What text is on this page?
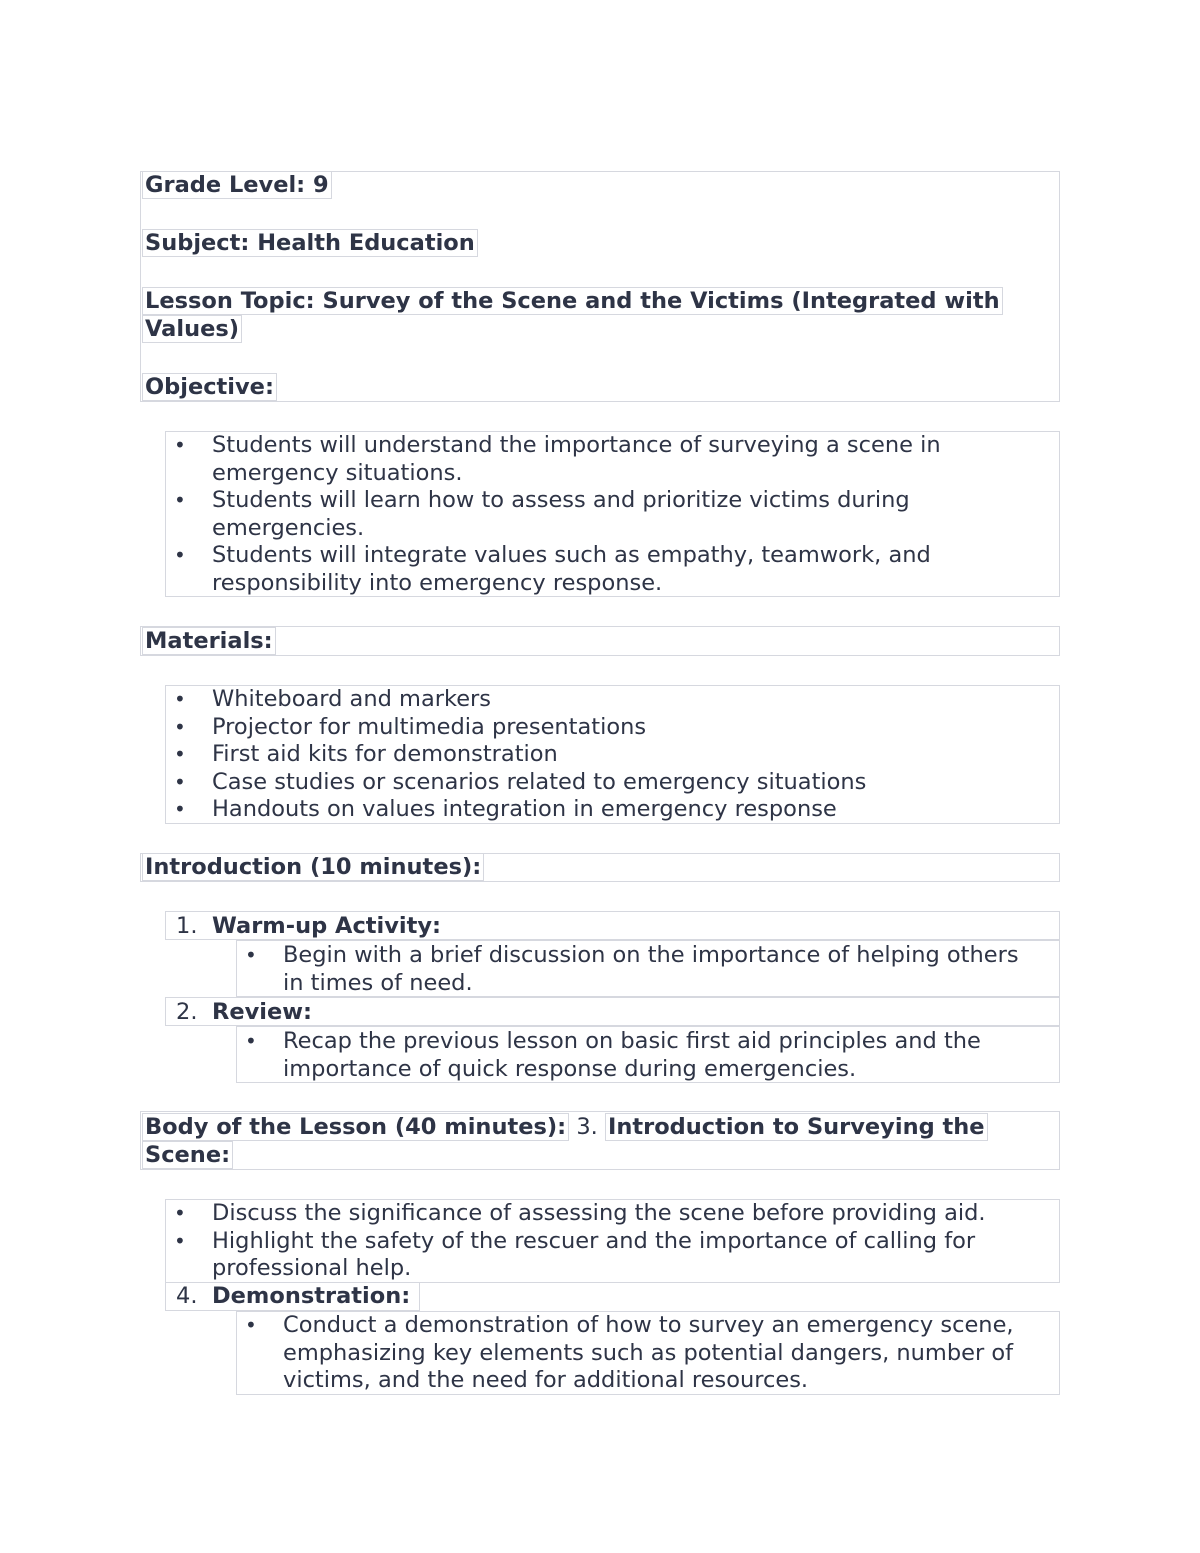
Grade Level: 9
Subject: Health Education
Lesson Topic: Survey of the Scene and the Victims (Integrated with
Values)
Objective:
• Students will understand the importance of surveying a scene in
emergency situations.
• Students will learn how to assess and prioritize victims during
emergencies.
• Students will integrate values such as empathy, teamwork, and
responsibility into emergency response.
Materials:
• Whiteboard and markers
• Projector for multimedia presentations
• First aid kits for demonstration
• Case studies or scenarios related to emergency situations
• Handouts on values integration in emergency response
Introduction (10 minutes):
1. Warm-up Activity:
• Begin with a brief discussion on the importance of helping others
in times of need.
2. Review:
• Recap the previous lesson on basic first aid principles and the
importance of quick response during emergencies.
Body of the Lesson (40 minutes): 3. Introduction to Surveying the
Scene:
• Discuss the significance of assessing the scene before providing aid.
• Highlight the safety of the rescuer and the importance of calling for
professional help.
4. Demonstration:
• Conduct a demonstration of how to survey an emergency scene,
emphasizing key elements such as potential dangers, number of
victims, and the need for additional resources.
